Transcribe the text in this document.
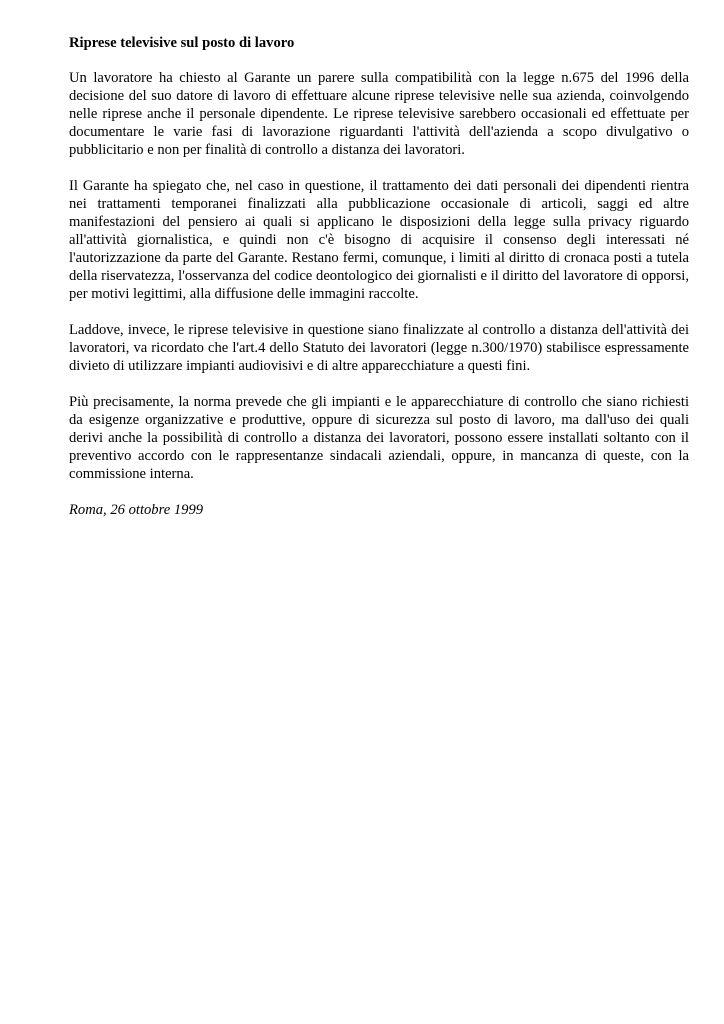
Riprese televisive sul posto di lavoro

Un lavoratore ha chiesto al Garante un parere sulla compatibilità con la legge n.675 del 1996 della decisione del suo datore di lavoro di effettuare alcune riprese televisive nelle sua azienda, coinvolgendo nelle riprese anche il personale dipendente. Le riprese televisive sarebbero occasionali ed effettuate per documentare le varie fasi di lavorazione riguardanti l'attività dell'azienda a scopo divulgativo o pubblicitario e non per finalità di controllo a distanza dei lavoratori.

Il Garante ha spiegato che, nel caso in questione, il trattamento dei dati personali dei dipendenti rientra nei trattamenti temporanei finalizzati alla pubblicazione occasionale di articoli, saggi ed altre manifestazioni del pensiero ai quali si applicano le disposizioni della legge sulla privacy riguardo all'attività giornalistica, e quindi non c'è bisogno di acquisire il consenso degli interessati né l'autorizzazione da parte del Garante. Restano fermi, comunque, i limiti al diritto di cronaca posti a tutela della riservatezza, l'osservanza del codice deontologico dei giornalisti e il diritto del lavoratore di opporsi, per motivi legittimi, alla diffusione delle immagini raccolte.

Laddove, invece, le riprese televisive in questione siano finalizzate al controllo a distanza dell'attività dei lavoratori, va ricordato che l'art.4 dello Statuto dei lavoratori (legge n.300/1970) stabilisce espressamente divieto di utilizzare impianti audiovisivi e di altre apparecchiature a questi fini.

Più precisamente, la norma prevede che gli impianti e le apparecchiature di controllo che siano richiesti da esigenze organizzative e produttive, oppure di sicurezza sul posto di lavoro, ma dall'uso dei quali derivi anche la possibilità di controllo a distanza dei lavoratori, possono essere installati soltanto con il preventivo accordo con le rappresentanze sindacali aziendali, oppure, in mancanza di queste, con la commissione interna.

Roma, 26 ottobre 1999
